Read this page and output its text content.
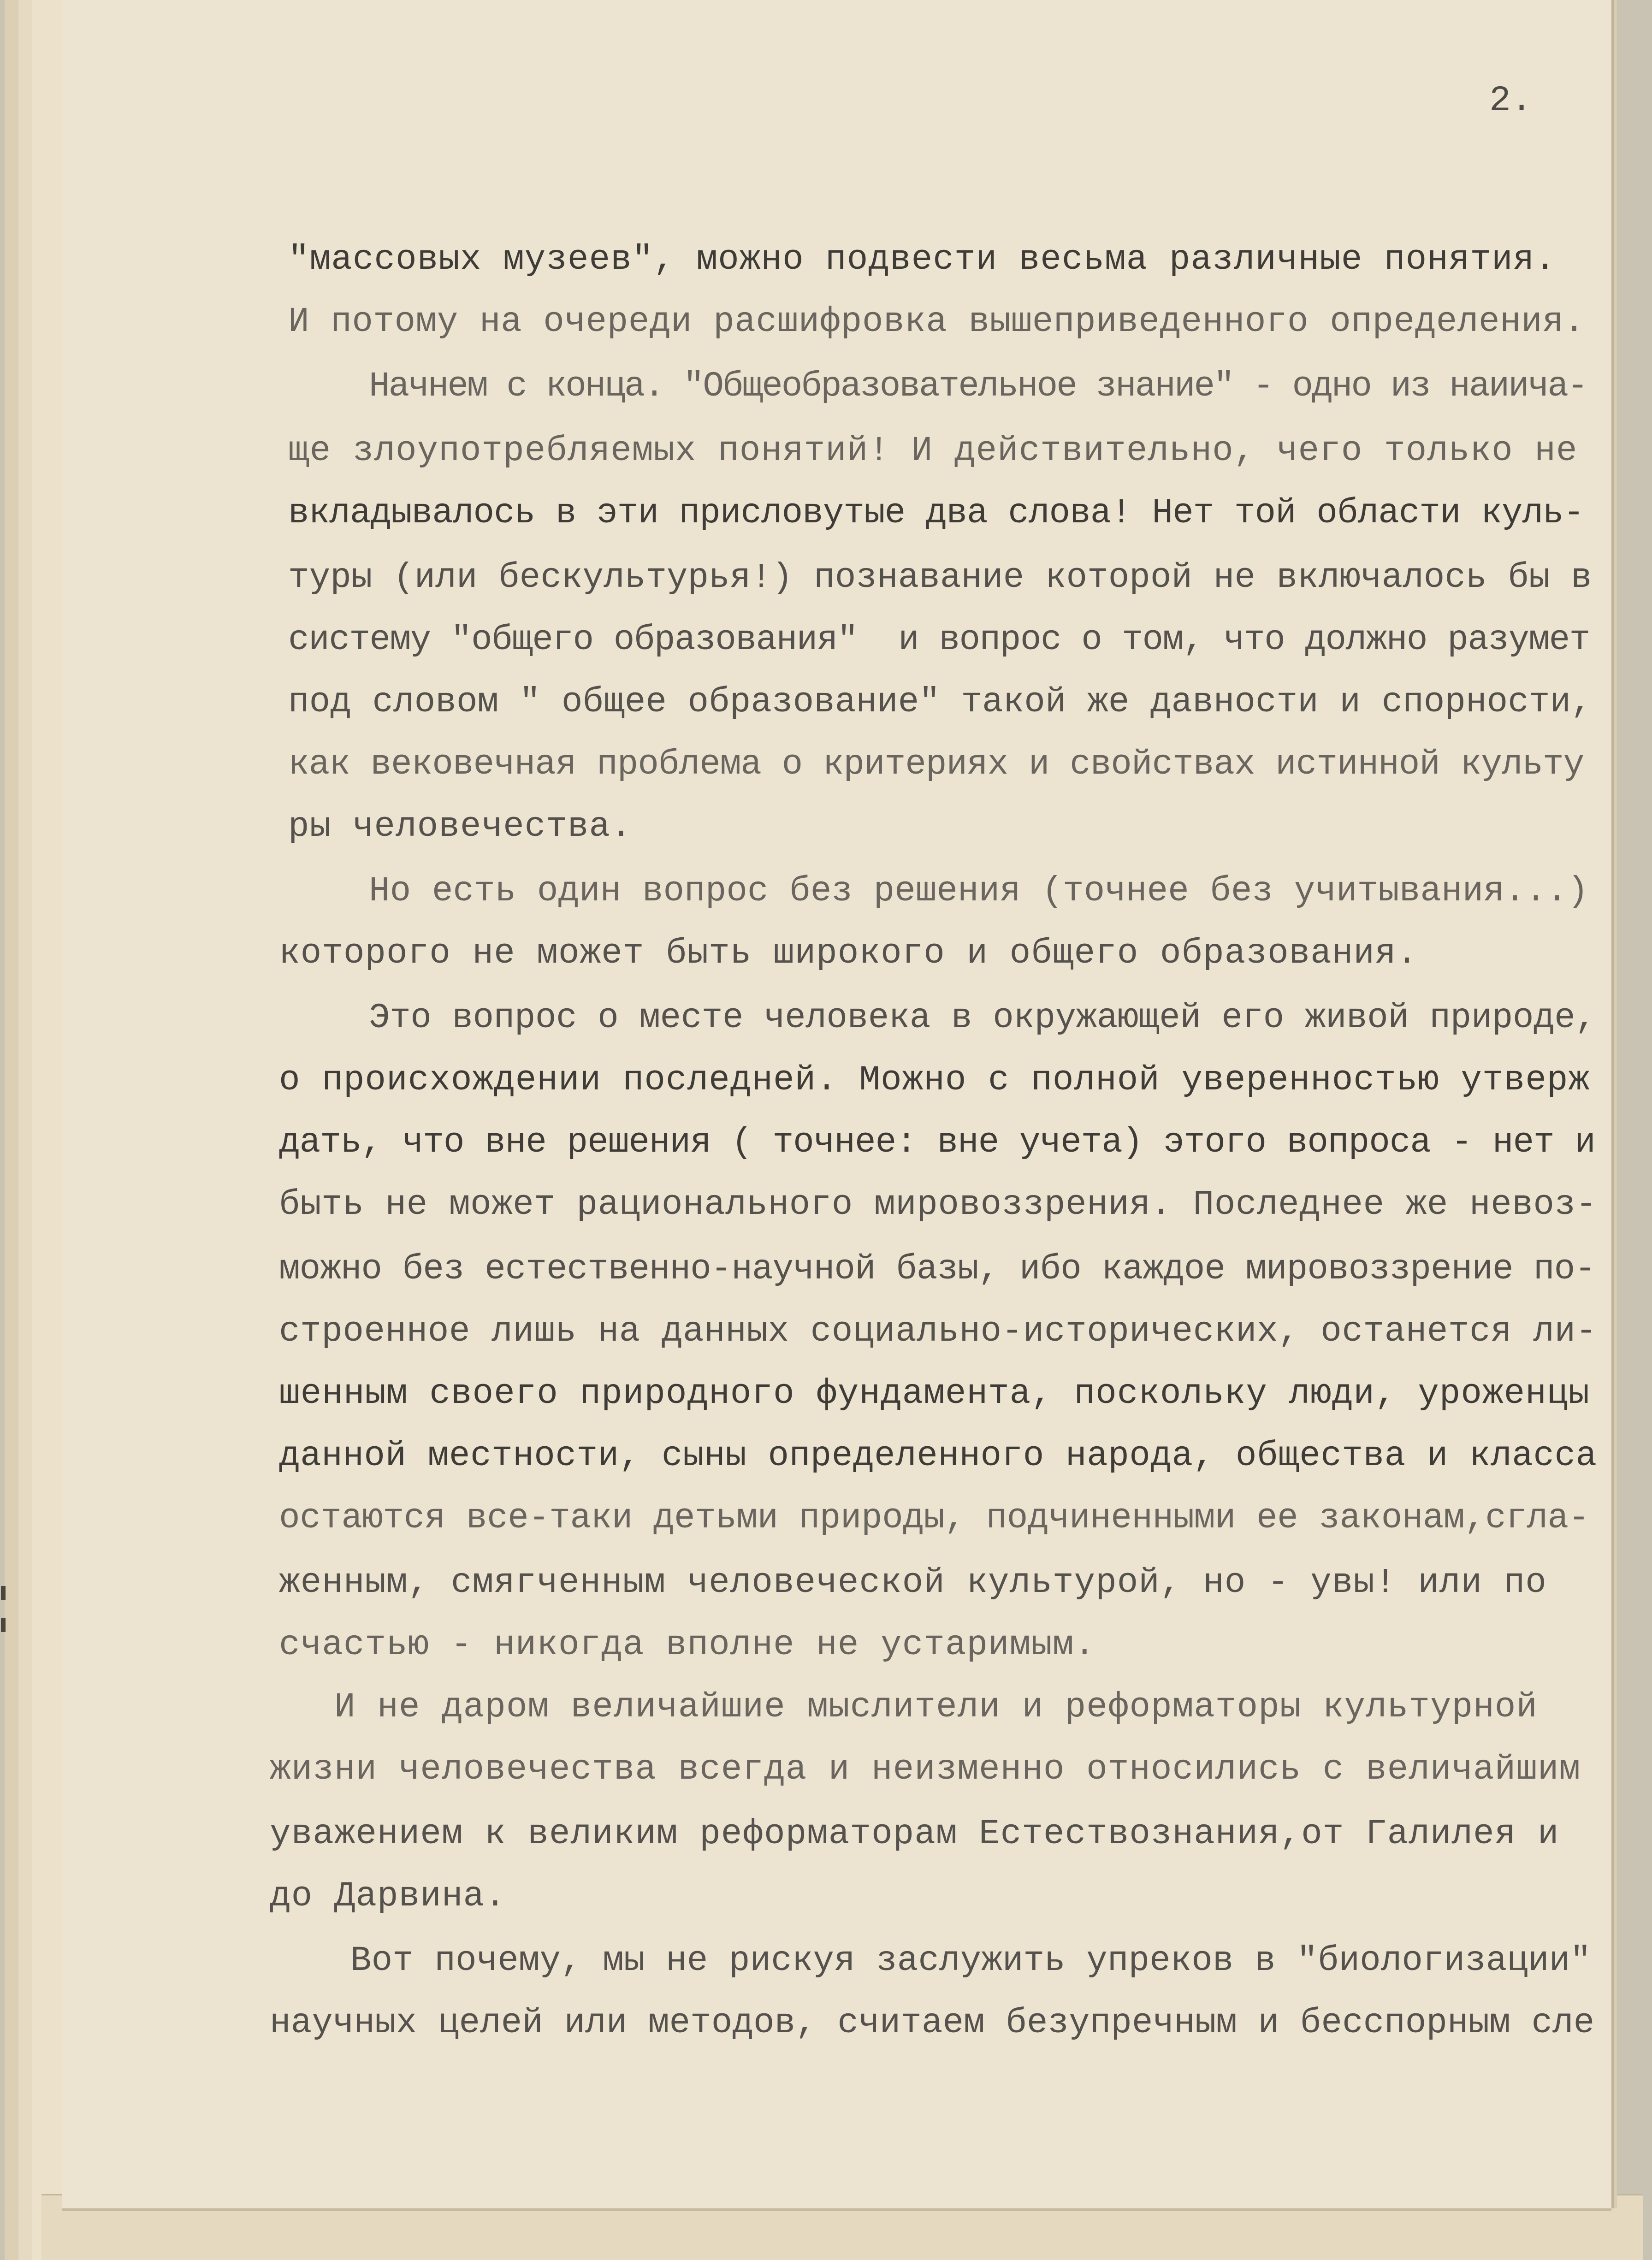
2.
"массовых музеев", можно подвести весьма различные понятия.
И потому на очереди расшифровка вышеприведенного определения.
Начнем с конца. "Общеобразовательное знание" - одно из наиича-
ще злоупотребляемых понятий! И действительно, чего только не
вкладывалось в эти присловутые два слова! Нет той области куль-
туры (или бескультурья!) познавание которой не включалось бы в
систему "общего образования"  и вопрос о том, что должно разумет
под словом " общее образование" такой же давности и спорности,
как вековечная проблема о критериях и свойствах истинной культу
ры человечества.
Но есть один вопрос без решения (точнее без учитывания...)
которого не может быть широкого и общего образования.
Это вопрос о месте человека в окружающей его живой природе,
о происхождении последней. Можно с полной уверенностью утверж
дать, что вне решения ( точнее: вне учета) этого вопроса - нет и
быть не может рационального мировоззрения. Последнее же невоз-
можно без естественно-научной базы, ибо каждое мировоззрение по-
строенное лишь на данных социально-исторических, останется ли-
шенным своего природного фундамента, поскольку люди, уроженцы
данной местности, сыны определенного народа, общества и класса
остаются все-таки детьми природы, подчиненными ее законам,сгла-
женным, смягченным человеческой культурой, но - увы! или по
счастью - никогда вполне не устаримым.
И не даром величайшие мыслители и реформаторы культурной
жизни человечества всегда и неизменно относились с величайшим
уважением к великим реформаторам Естествознания,от Галилея и
до Дарвина.
Вот почему, мы не рискуя заслужить упреков в "биологизации"
научных целей или методов, считаем безупречным и бесспорным сле
